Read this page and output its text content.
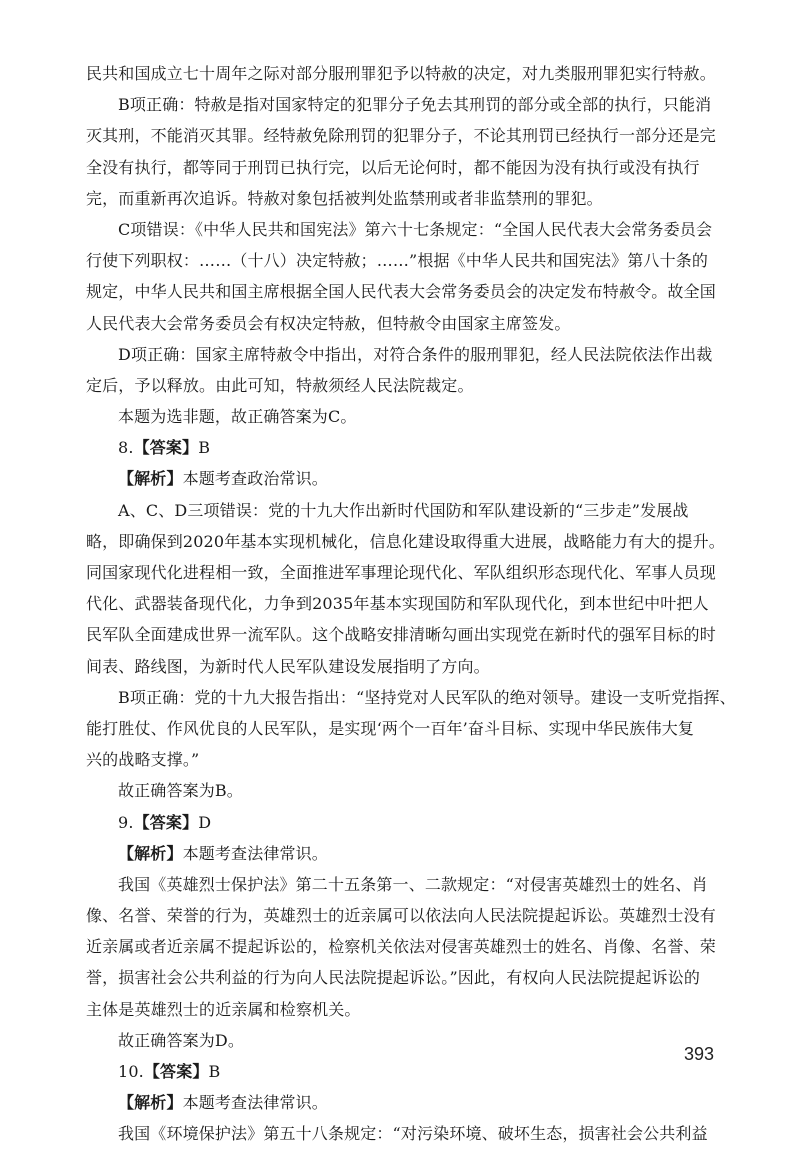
民共和国成立七十周年之际对部分服刑罪犯予以特赦的决定，对九类服刑罪犯实行特赦。
B项正确：特赦是指对国家特定的犯罪分子免去其刑罚的部分或全部的执行，只能消
灭其刑，不能消灭其罪。经特赦免除刑罚的犯罪分子，不论其刑罚已经执行一部分还是完
全没有执行，都等同于刑罚已执行完，以后无论何时，都不能因为没有执行或没有执行
完，而重新再次追诉。特赦对象包括被判处监禁刑或者非监禁刑的罪犯。
C项错误：《中华人民共和国宪法》第六十七条规定：“全国人民代表大会常务委员会
行使下列职权：……（十八）决定特赦；……”根据《中华人民共和国宪法》第八十条的
规定，中华人民共和国主席根据全国人民代表大会常务委员会的决定发布特赦令。故全国
人民代表大会常务委员会有权决定特赦，但特赦令由国家主席签发。
D项正确：国家主席特赦令中指出，对符合条件的服刑罪犯，经人民法院依法作出裁
定后，予以释放。由此可知，特赦须经人民法院裁定。
本题为选非题，故正确答案为C。
8.【答案】B
【解析】本题考查政治常识。
A、C、D三项错误：党的十九大作出新时代国防和军队建设新的“三步走”发展战
略，即确保到2020年基本实现机械化，信息化建设取得重大进展，战略能力有大的提升。
同国家现代化进程相一致，全面推进军事理论现代化、军队组织形态现代化、军事人员现
代化、武器装备现代化，力争到2035年基本实现国防和军队现代化，到本世纪中叶把人
民军队全面建成世界一流军队。这个战略安排清晰勾画出实现党在新时代的强军目标的时
间表、路线图，为新时代人民军队建设发展指明了方向。
B项正确：党的十九大报告指出：“坚持党对人民军队的绝对领导。建设一支听党指挥、
能打胜仗、作风优良的人民军队，是实现‘两个一百年’奋斗目标、实现中华民族伟大复
兴的战略支撑。”
故正确答案为B。
9.【答案】D
【解析】本题考查法律常识。
我国《英雄烈士保护法》第二十五条第一、二款规定：“对侵害英雄烈士的姓名、肖
像、名誉、荣誉的行为，英雄烈士的近亲属可以依法向人民法院提起诉讼。英雄烈士没有
近亲属或者近亲属不提起诉讼的，检察机关依法对侵害英雄烈士的姓名、肖像、名誉、荣
誉，损害社会公共利益的行为向人民法院提起诉讼。”因此，有权向人民法院提起诉讼的
主体是英雄烈士的近亲属和检察机关。
故正确答案为D。
10.【答案】B
【解析】本题考查法律常识。
我国《环境保护法》第五十八条规定：“对污染环境、破坏生态，损害社会公共利益
393
